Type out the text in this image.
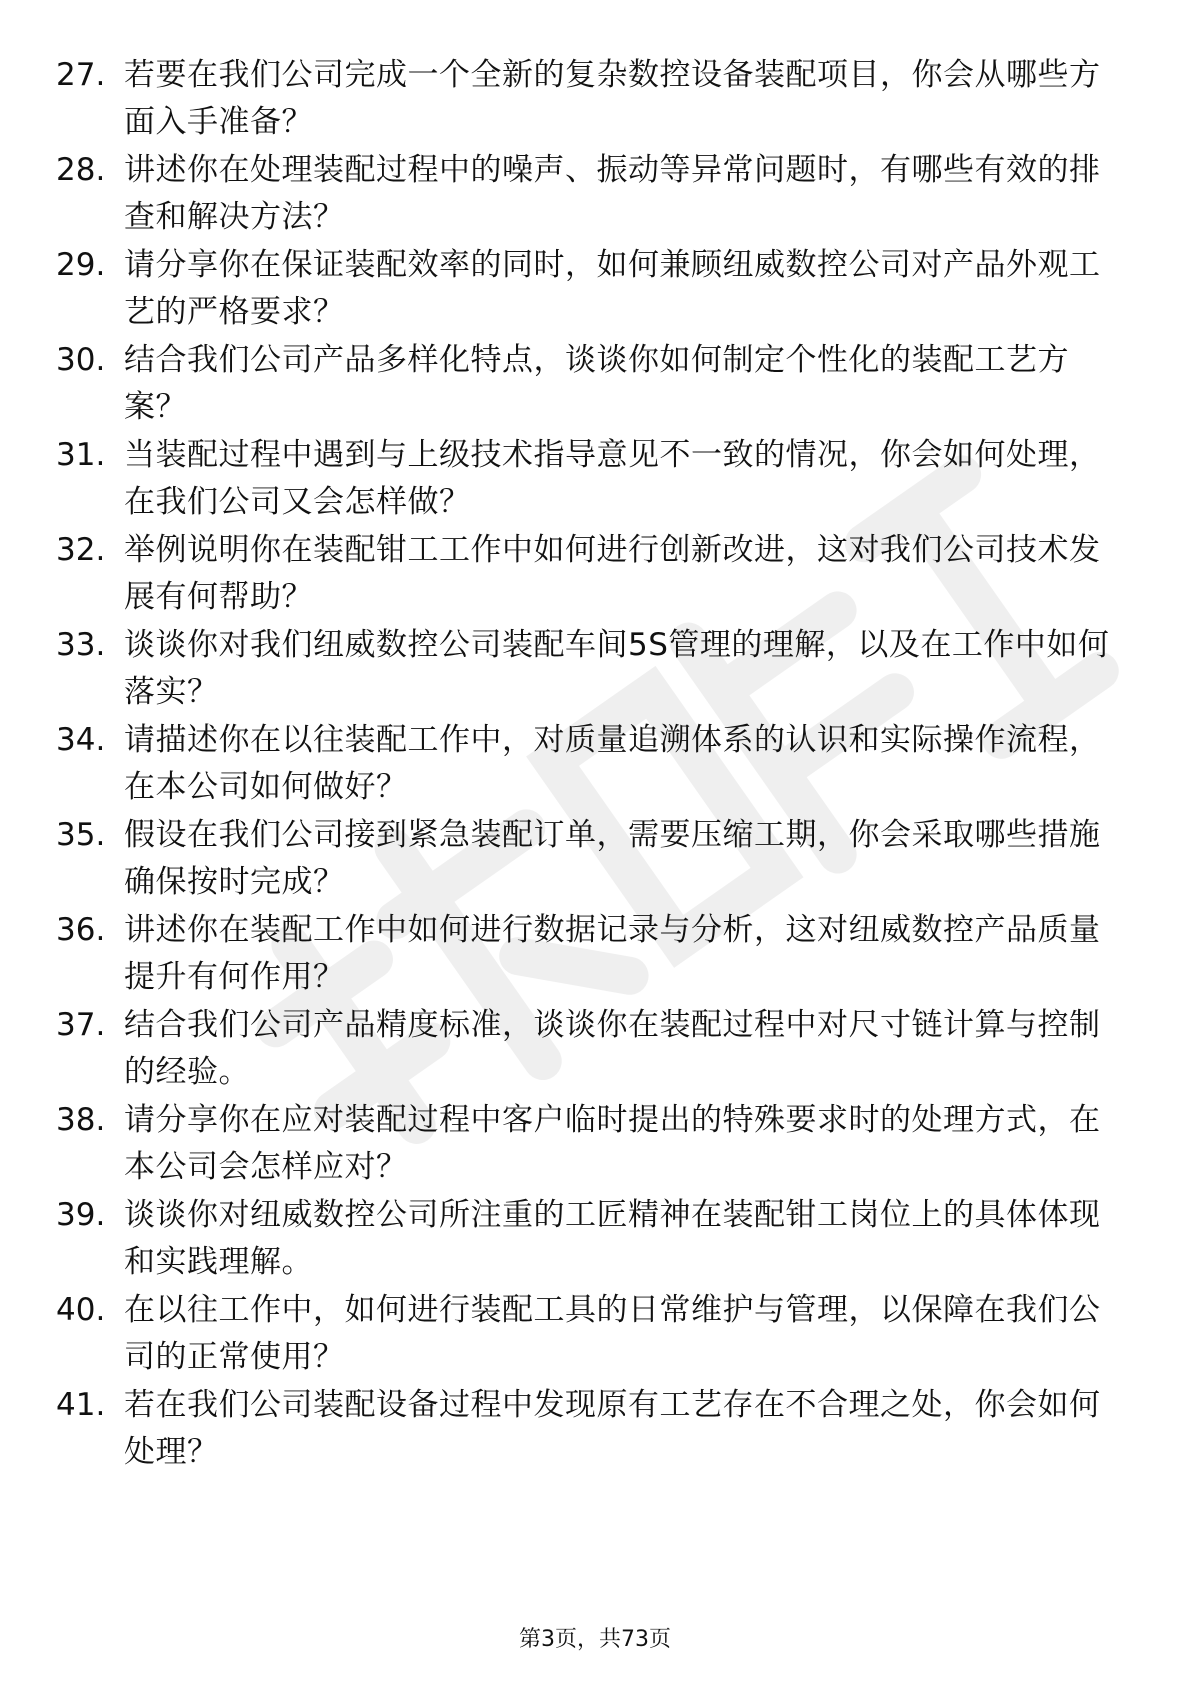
27. 若要在我们公司完成一个全新的复杂数控设备装配项目，你会从哪些方面入手准备？
28. 讲述你在处理装配过程中的噪声、振动等异常问题时，有哪些有效的排查和解决方法？
29. 请分享你在保证装配效率的同时，如何兼顾纽威数控公司对产品外观工艺的严格要求？
30. 结合我们公司产品多样化特点，谈谈你如何制定个性化的装配工艺方案？
31. 当装配过程中遇到与上级技术指导意见不一致的情况，你会如何处理，在我们公司又会怎样做？
32. 举例说明你在装配钳工工作中如何进行创新改进，这对我们公司技术发展有何帮助？
33. 谈谈你对我们纽威数控公司装配车间5S管理的理解，以及在工作中如何落实？
34. 请描述你在以往装配工作中，对质量追溯体系的认识和实际操作流程，在本公司如何做好？
35. 假设在我们公司接到紧急装配订单，需要压缩工期，你会采取哪些措施确保按时完成？
36. 讲述你在装配工作中如何进行数据记录与分析，这对纽威数控产品质量提升有何作用？
37. 结合我们公司产品精度标准，谈谈你在装配过程中对尺寸链计算与控制的经验。
38. 请分享你在应对装配过程中客户临时提出的特殊要求时的处理方式，在本公司会怎样应对？
39. 谈谈你对纽威数控公司所注重的工匠精神在装配钳工岗位上的具体体现和实践理解。
40. 在以往工作中，如何进行装配工具的日常维护与管理，以保障在我们公司的正常使用？
41. 若在我们公司装配设备过程中发现原有工艺存在不合理之处，你会如何处理？
第3页，共73页
